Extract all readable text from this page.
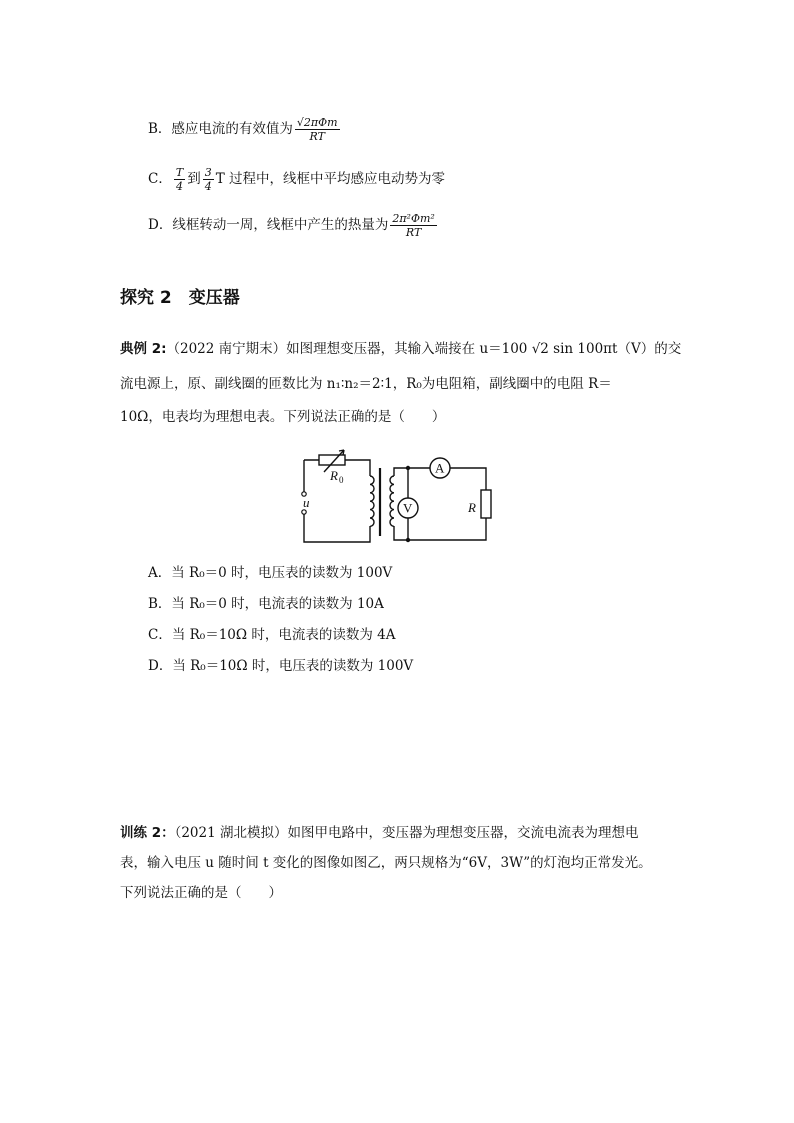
B．感应电流的有效值为 $\frac{\text{√2πΦm}}{RT}$
C． $\frac{T}{4}$ 到 $\frac{3}{4}$ T 过程中，线框中平均感应电动势为零
D．线框转动一周，线框中产生的热量为 $\frac{\text{2π²Φm²}}{RT}$
探究 2　变压器
典例 2:（2022 南宁期末）如图理想变压器，其输入端接在 u＝100 √2 sin 100πt（V）的交
流电源上，原、副线圈的匝数比为 n₁∶n₂＝2∶1，R₀为电阻箱，副线圈中的电阻 R＝
10Ω，电表均为理想电表。下列说法正确的是（　　）
R 0
u
A
V	R
A．当 R₀＝0 时，电压表的读数为 100V
B．当 R₀＝0 时，电流表的读数为 10A
C．当 R₀＝10Ω 时，电流表的读数为 4A
D．当 R₀＝10Ω 时，电压表的读数为 100V
训练 2：（2021 湖北模拟）如图甲电路中，变压器为理想变压器，交流电流表为理想电
表，输入电压 u 随时间 t 变化的图像如图乙，两只规格为“6V，3W”的灯泡均正常发光。
下列说法正确的是（　　）
